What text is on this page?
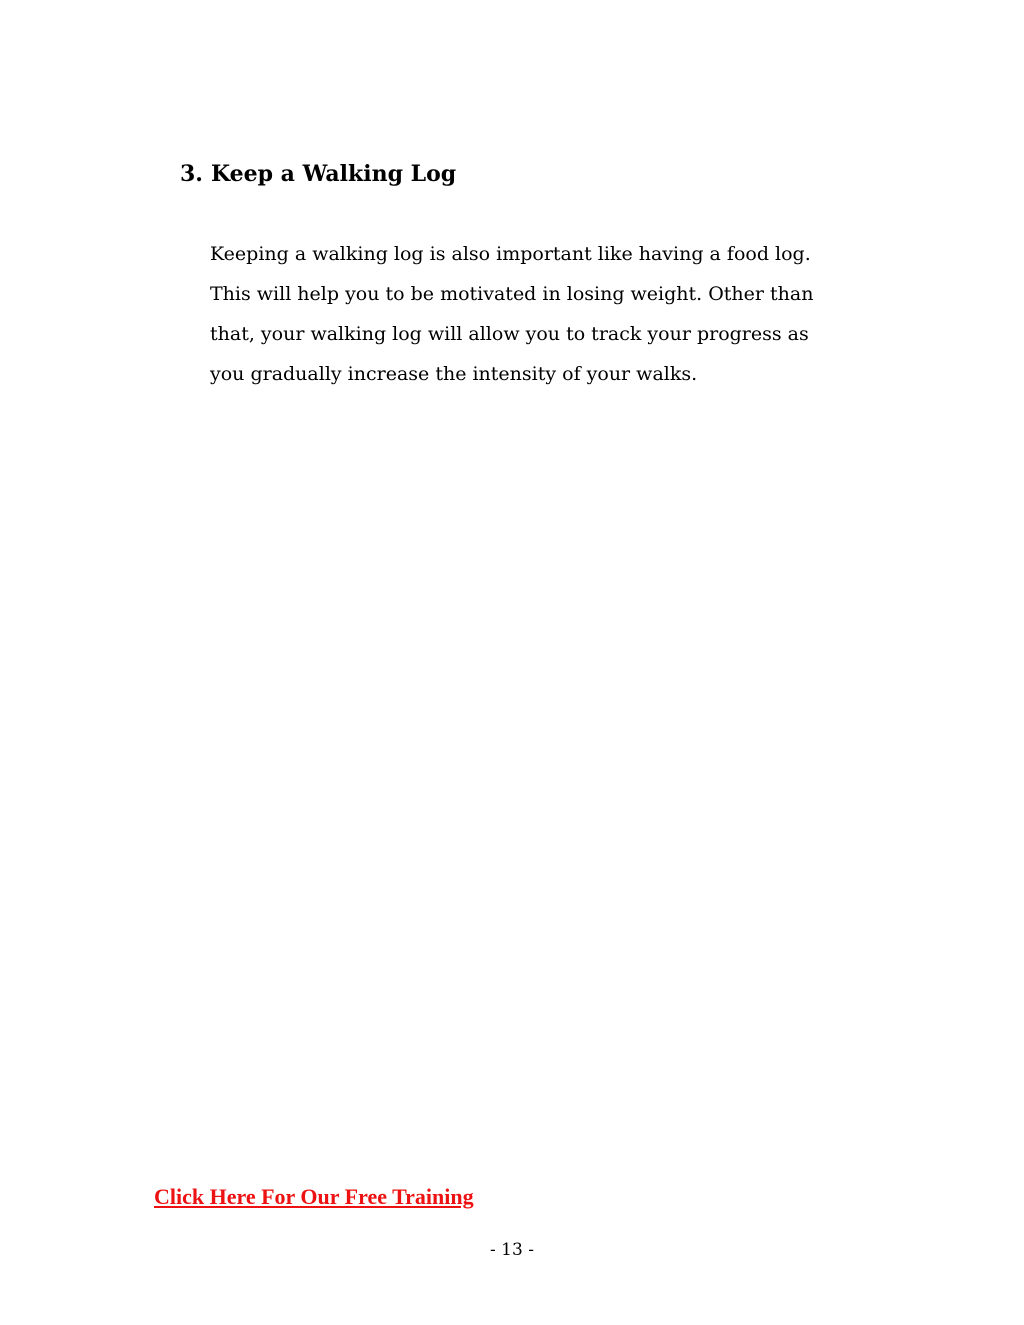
3. Keep a Walking Log

Keeping a walking log is also important like having a food log.
This will help you to be motivated in losing weight. Other than
that, your walking log will allow you to track your progress as
you gradually increase the intensity of your walks.

Click Here For Our Free Training
- 13 -
